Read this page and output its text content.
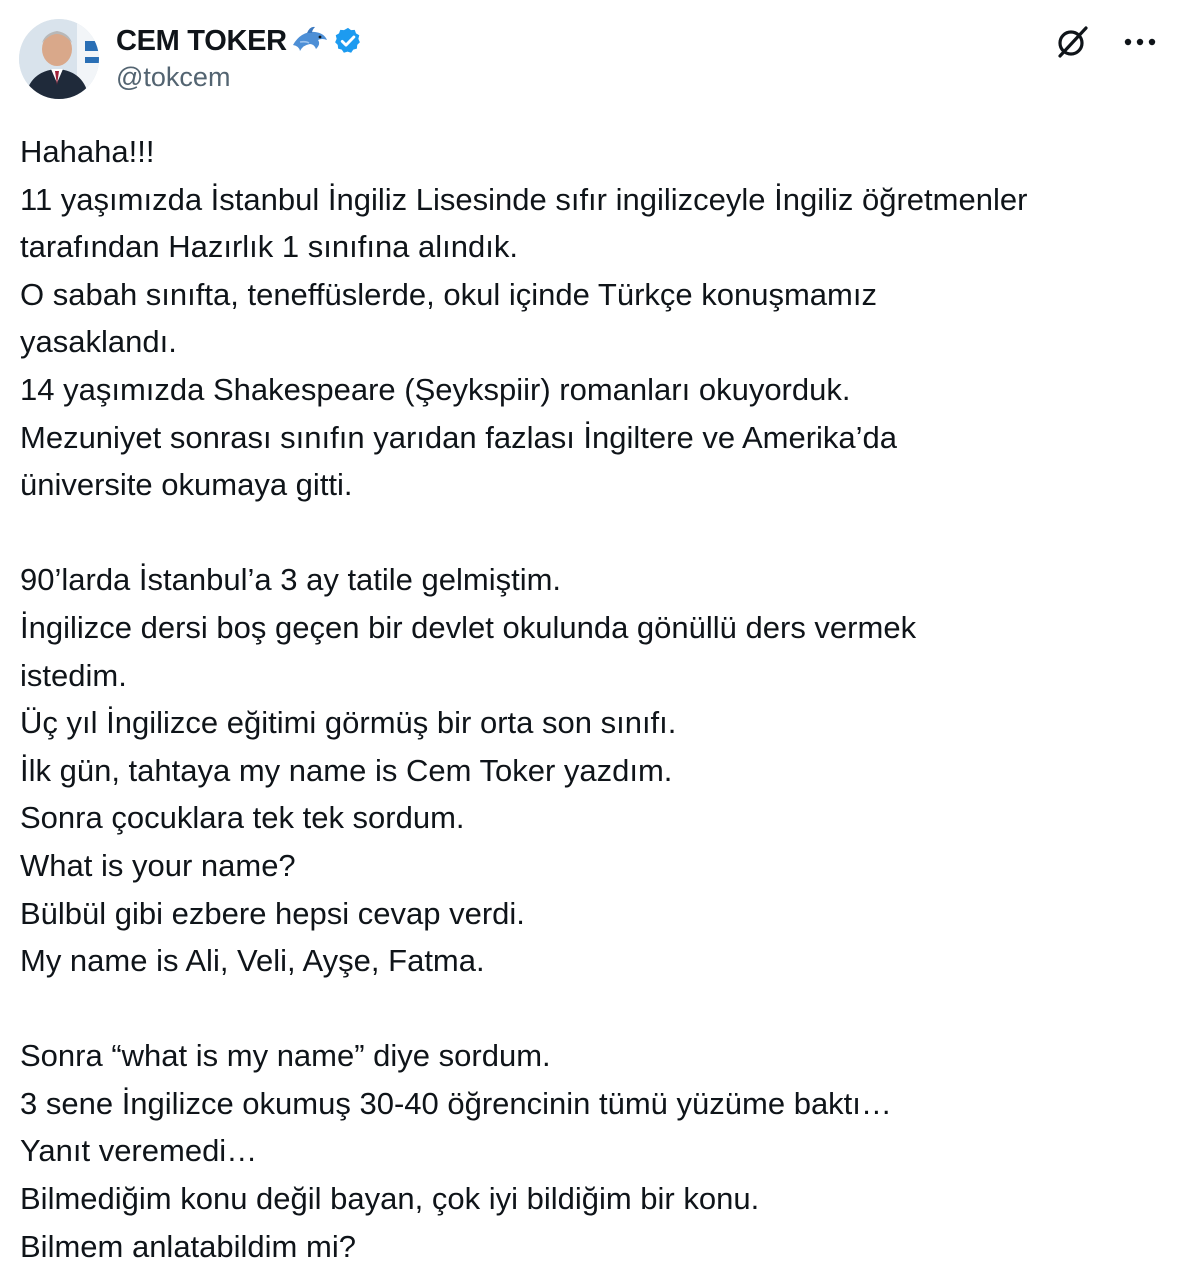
CEM TOKER
@tokcem
Hahaha!!!
11 yaşımızda İstanbul İngiliz Lisesinde sıfır ingilizceyle İngiliz öğretmenler
tarafından Hazırlık 1 sınıfına alındık.
O sabah sınıfta, teneffüslerde, okul içinde Türkçe konuşmamız
yasaklandı.
14 yaşımızda Shakespeare (Şeykspiir) romanları okuyorduk.
Mezuniyet sonrası sınıfın yarıdan fazlası İngiltere ve Amerika’da
üniversite okumaya gitti.
90’larda İstanbul’a 3 ay tatile gelmiştim.
İngilizce dersi boş geçen bir devlet okulunda gönüllü ders vermek
istedim.
Üç yıl İngilizce eğitimi görmüş bir orta son sınıfı.
İlk gün, tahtaya my name is Cem Toker yazdım.
Sonra çocuklara tek tek sordum.
What is your name?
Bülbül gibi ezbere hepsi cevap verdi.
My name is Ali, Veli, Ayşe, Fatma.
Sonra “what is my name” diye sordum.
3 sene İngilizce okumuş 30-40 öğrencinin tümü yüzüme baktı…
Yanıt veremedi…
Bilmediğim konu değil bayan, çok iyi bildiğim bir konu.
Bilmem anlatabildim mi?
